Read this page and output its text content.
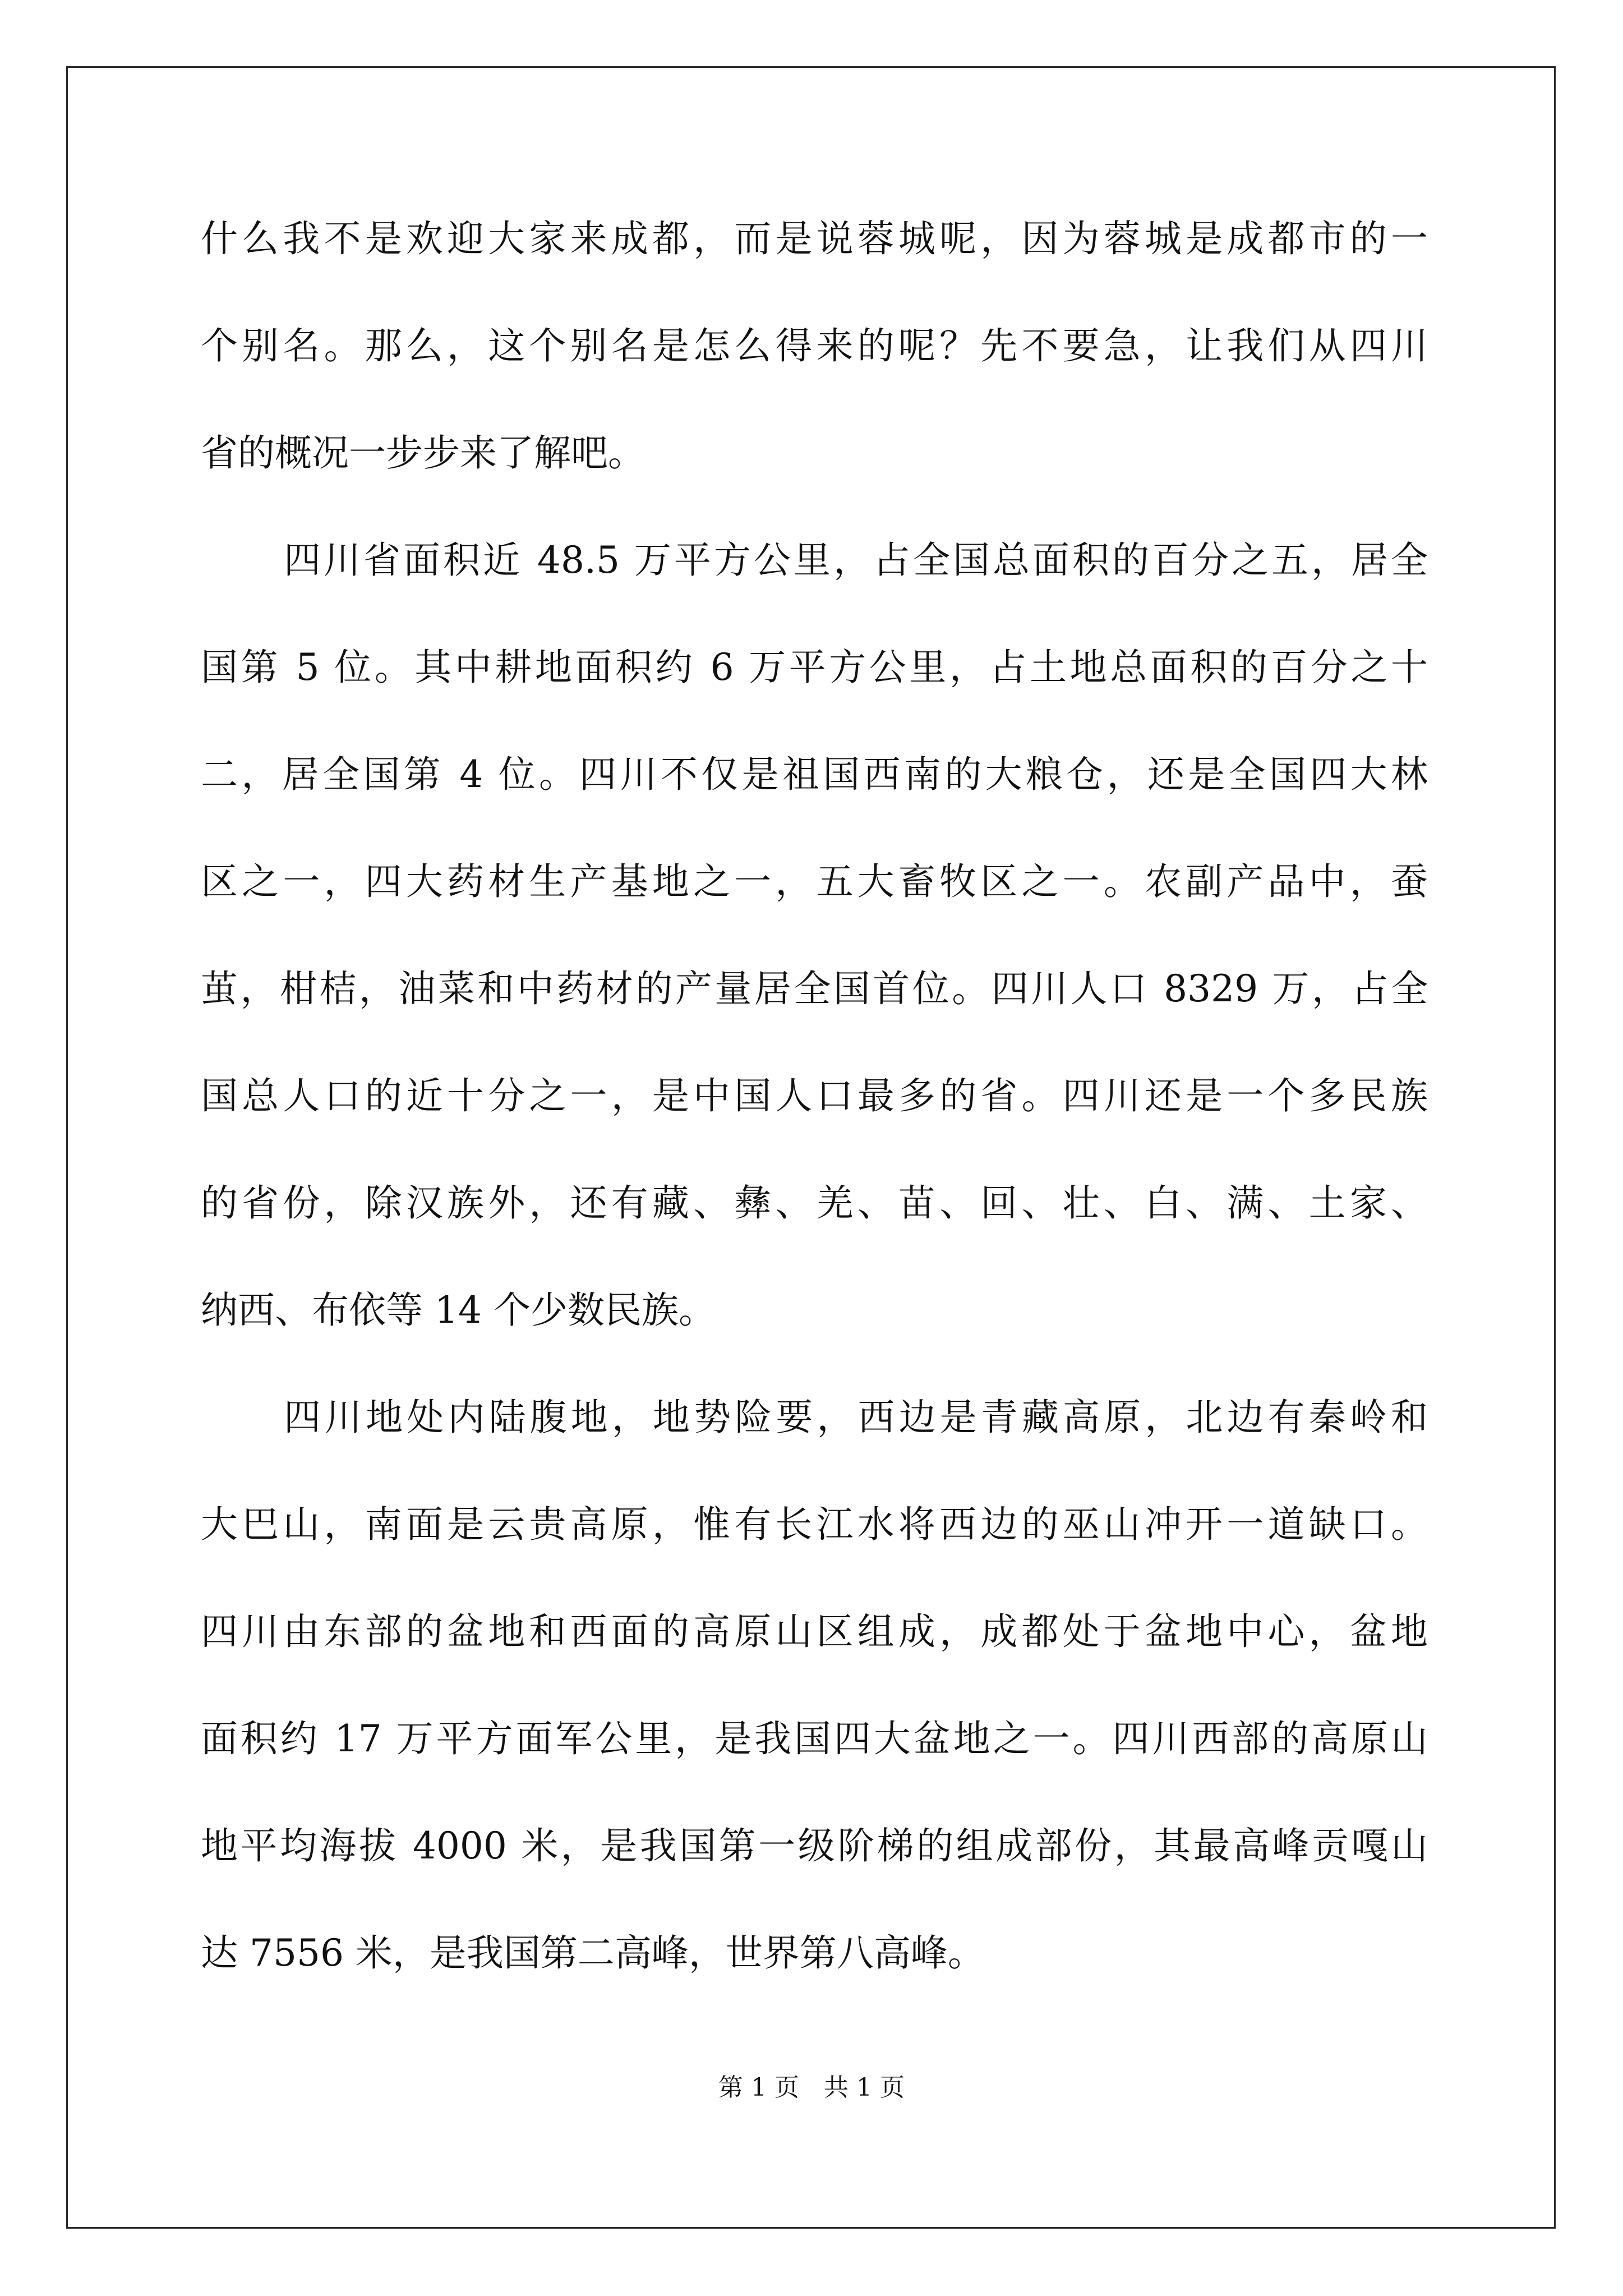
什么我不是欢迎大家来成都，而是说蓉城呢，因为蓉城是成都市的一
个别名。那么，这个别名是怎么得来的呢？先不要急，让我们从四川
省的概况一步步来了解吧。
四川省面积近 48.5 万平方公里，占全国总面积的百分之五，居全
国第 5 位。其中耕地面积约 6 万平方公里，占土地总面积的百分之十
二，居全国第 4 位。四川不仅是祖国西南的大粮仓，还是全国四大林
区之一，四大药材生产基地之一，五大畜牧区之一。农副产品中，蚕
茧，柑桔，油菜和中药材的产量居全国首位。四川人口 8329 万，占全
国总人口的近十分之一，是中国人口最多的省。四川还是一个多民族
的省份，除汉族外，还有藏、彝、羌、苗、回、壮、白、满、土家、
纳西、布依等 14 个少数民族。
四川地处内陆腹地，地势险要，西边是青藏高原，北边有秦岭和
大巴山，南面是云贵高原，惟有长江水将西边的巫山冲开一道缺口。
四川由东部的盆地和西面的高原山区组成，成都处于盆地中心，盆地
面积约 17 万平方面军公里，是我国四大盆地之一。四川西部的高原山
地平均海拔 4000 米，是我国第一级阶梯的组成部份，其最高峰贡嘎山
达 7556 米，是我国第二高峰，世界第八高峰。
第 1 页　共 1 页
